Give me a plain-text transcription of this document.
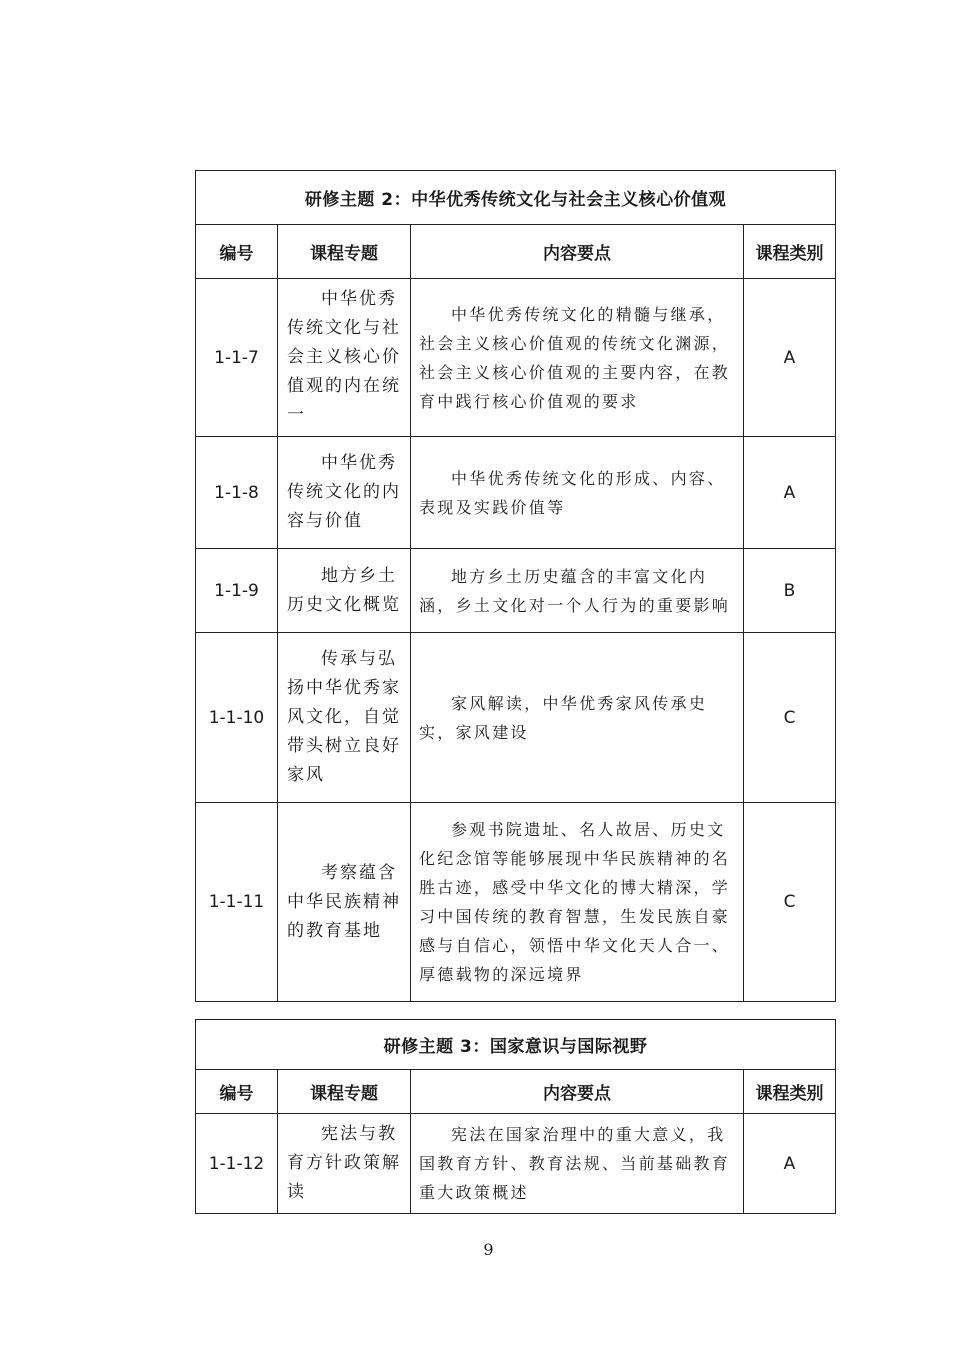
研修主题 2：中华优秀传统文化与社会主义核心价值观			
编号	课程专题	内容要点	课程类别
1-1-7	中华优秀传统文化与社会主义核心价值观的内在统一	中华优秀传统文化的精髓与继承，社会主义核心价值观的传统文化渊源，社会主义核心价值观的主要内容，在教育中践行核心价值观的要求	A
1-1-8	中华优秀传统文化的内容与价值	中华优秀传统文化的形成、内容、表现及实践价值等	A
1-1-9	地方乡土历史文化概览	地方乡土历史蕴含的丰富文化内涵，乡土文化对一个人行为的重要影响	B
1-1-10	传承与弘扬中华优秀家风文化，自觉带头树立良好家风	家风解读，中华优秀家风传承史实，家风建设	C
1-1-11	考察蕴含中华民族精神的教育基地	参观书院遗址、名人故居、历史文化纪念馆等能够展现中华民族精神的名胜古迹，感受中华文化的博大精深，学习中国传统的教育智慧，生发民族自豪感与自信心，领悟中华文化天人合一、厚德载物的深远境界	C
研修主题 3：国家意识与国际视野			
编号	课程专题	内容要点	课程类别
1-1-12	宪法与教育方针政策解读	宪法在国家治理中的重大意义，我国教育方针、教育法规、当前基础教育重大政策概述	A
9
